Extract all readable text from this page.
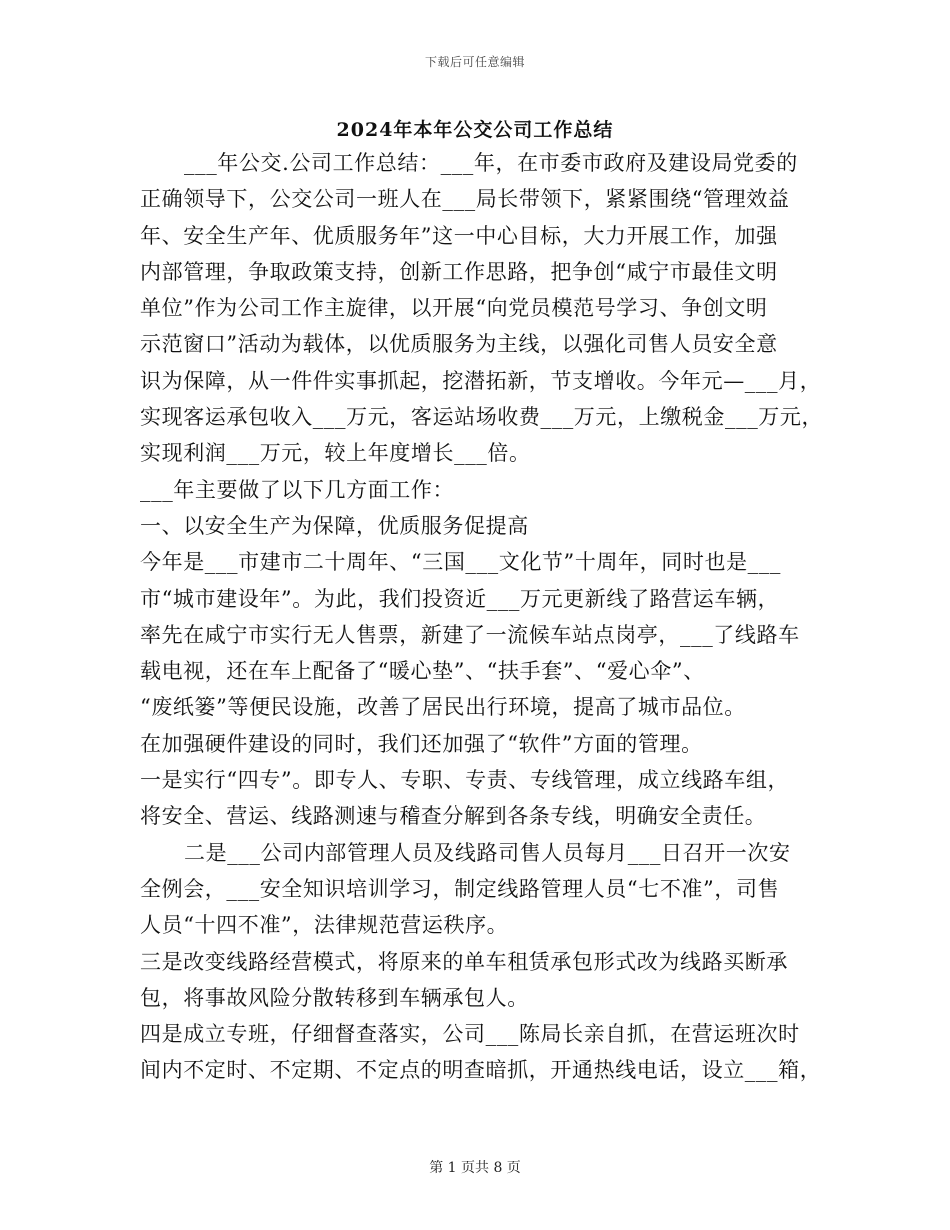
下载后可任意编辑
2024年本年公交公司工作总结
___年公交.公司工作总结：___年，在市委市政府及建设局党委的
正确领导下，公交公司一班人在___局长带领下，紧紧围绕“管理效益
年、安全生产年、优质服务年”这一中心目标，大力开展工作，加强
内部管理，争取政策支持，创新工作思路，把争创“咸宁市最佳文明
单位”作为公司工作主旋律，以开展“向党员模范号学习、争创文明
示范窗口”活动为载体，以优质服务为主线，以强化司售人员安全意
识为保障，从一件件实事抓起，挖潜拓新，节支增收。今年元—___月，
实现客运承包收入___万元，客运站场收费___万元，上缴税金___万元，
实现利润___万元，较上年度增长___倍。
___年主要做了以下几方面工作：
一、以安全生产为保障，优质服务促提高
今年是___市建市二十周年、“三国___文化节”十周年，同时也是___
市“城市建设年”。为此，我们投资近___万元更新线了路营运车辆，
率先在咸宁市实行无人售票，新建了一流候车站点岗亭，___了线路车
载电视，还在车上配备了“暖心垫”、“扶手套”、“爱心伞”、
“废纸篓”等便民设施，改善了居民出行环境，提高了城市品位。
在加强硬件建设的同时，我们还加强了“软件”方面的管理。
一是实行“四专”。即专人、专职、专责、专线管理，成立线路车组，
将安全、营运、线路测速与稽查分解到各条专线，明确安全责任。
二是___公司内部管理人员及线路司售人员每月___日召开一次安
全例会，___安全知识培训学习，制定线路管理人员“七不准”，司售
人员“十四不准”，法律规范营运秩序。
三是改变线路经营模式，将原来的单车租赁承包形式改为线路买断承
包，将事故风险分散转移到车辆承包人。
四是成立专班，仔细督查落实，公司___陈局长亲自抓，在营运班次时
间内不定时、不定期、不定点的明查暗抓，开通热线电话，设立___箱，
第 1 页共 8 页
